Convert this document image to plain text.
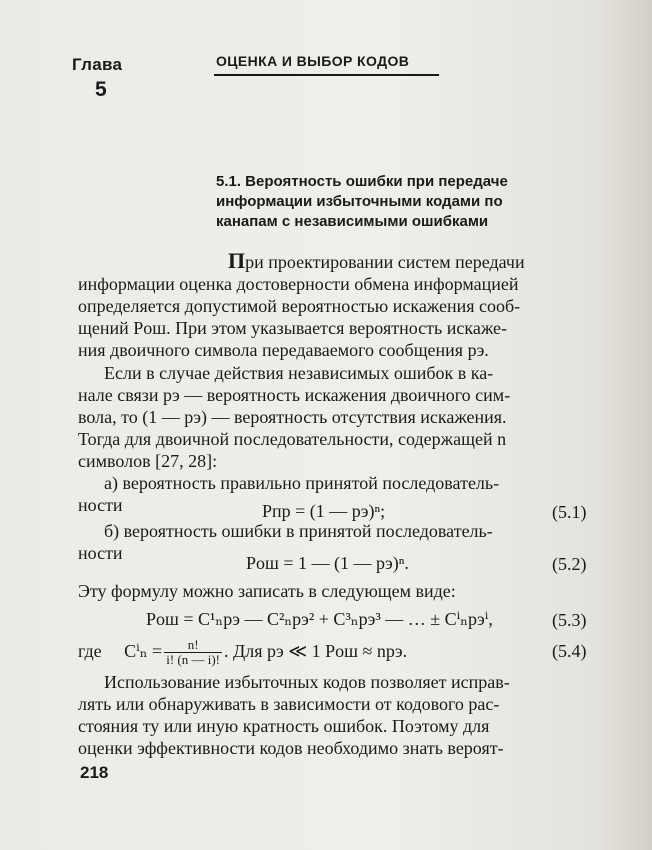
Глава
5
ОЦЕНКА И ВЫБОР КОДОВ
5.1. Вероятность ошибки при передаче
информации избыточными кодами по
канапам с независимыми ошибками
При проектировании систем передачи
информации оценка достоверности обмена информацией
определяется допустимой вероятностью искажения сооб-
щений Pош. При этом указывается вероятность искаже-
ния двоичного символа передаваемого сообщения pэ.
Если в случае действия независимых ошибок в ка-
нале связи pэ — вероятность искажения двоичного сим-
вола, то (1 — pэ) — вероятность отсутствия искажения.
Тогда для двоичной последовательности, содержащей n
символов [27, 28]:
а) вероятность правильно принятой последователь-
ности	Pпр = (1 — pэ)ⁿ;	(5.1)
б) вероятность ошибки в принятой последователь-
ности	Pош = 1 — (1 — pэ)ⁿ.	(5.2)
Эту формулу можно записать в следующем виде:
Pош = C¹ₙpэ — C²ₙpэ² + C³ₙpэ³ — … ± Cⁱₙpэⁱ,	(5.3)
где $C^i_n = \frac{n!}{i! (n — i)!}$ . Для pэ ≪ 1 Pош ≈ npэ.	(5.4)
Использование избыточных кодов позволяет исправ-
лять или обнаруживать в зависимости от кодового рас-
стояния ту или иную кратность ошибок. Поэтому для
оценки эффективности кодов необходимо знать вероят-
218
